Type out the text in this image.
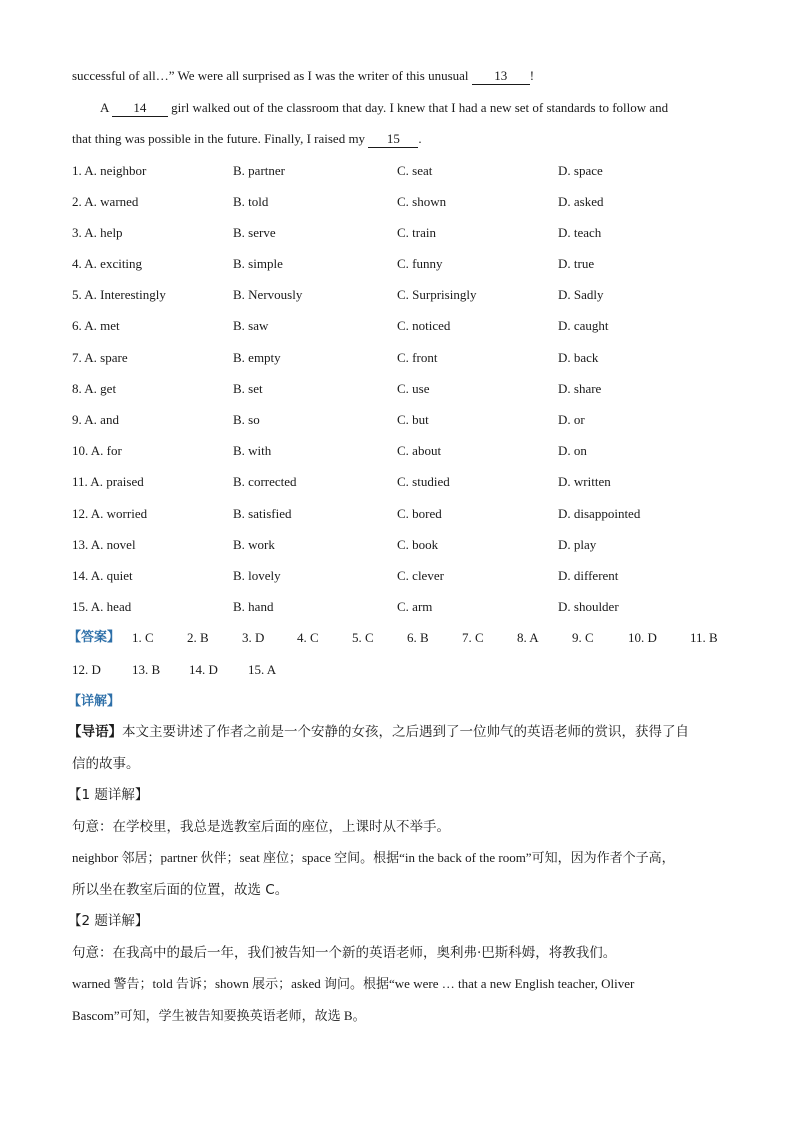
successful of all…” We were all surprised as I was the writer of this unusual 13 !
A 14 girl walked out of the classroom that day. I knew that I had a new set of standards to follow and
that thing was possible in the future. Finally, I raised my 15 .
1. A. neighbor	B. partner	C. seat	D. space
2. A. warned	B. told	C. shown	D. asked
3. A. help	B. serve	C. train	D. teach
4. A. exciting	B. simple	C. funny	D. true
5. A. Interestingly	B. Nervously	C. Surprisingly	D. Sadly
6. A. met	B. saw	C. noticed	D. caught
7. A. spare	B. empty	C. front	D. back
8. A. get	B. set	C. use	D. share
9. A. and	B. so	C. but	D. or
10. A. for	B. with	C. about	D. on
11. A. praised	B. corrected	C. studied	D. written
12. A. worried	B. satisfied	C. bored	D. disappointed
13. A. novel	B. work	C. book	D. play
14. A. quiet	B. lovely	C. clever	D. different
15. A. head	B. hand	C. arm	D. shoulder
【答案】 1. C	2. B	3. D	4. C	5. C	6. B	7. C	8. A	9. C	10. D	11. B
12. D 13. B 14. D 15. A
【详解】
【导语】本文主要讲述了作者之前是一个安静的女孩，之后遇到了一位帅气的英语老师的赏识，获得了自
信的故事。
【1 题详解】
句意：在学校里，我总是选教室后面的座位，上课时从不举手。
neighbor 邻居；partner 伙伴；seat 座位；space 空间。根据“in the back of the room”可知，因为作者个子高，
所以坐在教室后面的位置，故选 C。
【2 题详解】
句意：在我高中的最后一年，我们被告知一个新的英语老师，奥利弗·巴斯科姆，将教我们。
warned 警告；told 告诉；shown 展示；asked 询问。根据“we were … that a new English teacher, Oliver
Bascom”可知，学生被告知要换英语老师，故选 B。
